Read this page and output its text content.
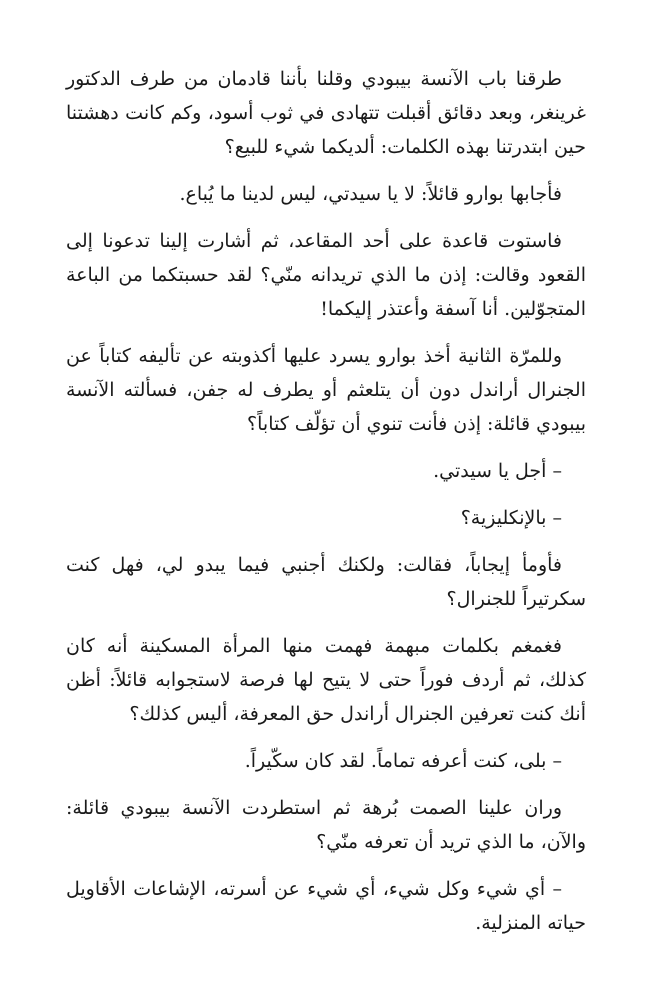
طرقنا باب الآنسة بيبودي وقلنا بأننا قادمان من طرف الدكتور غرينغر، وبعد دقائق أقبلت تتهادى في ثوب أسود، وكم كانت دهشتنا حين ابتدرتنا بهذه الكلمات: ألديكما شيء للبيع؟

فأجابها بوارو قائلاً: لا يا سيدتي، ليس لدينا ما يُباع.

فاستوت قاعدة على أحد المقاعد، ثم أشارت إلينا تدعونا إلى القعود وقالت: إذن ما الذي تريدانه منّي؟ لقد حسبتكما من الباعة المتجوّلين. أنا آسفة وأعتذر إليكما!

وللمرّة الثانية أخذ بوارو يسرد عليها أكذوبته عن تأليفه كتاباً عن الجنرال أراندل دون أن يتلعثم أو يطرف له جفن، فسألته الآنسة بيبودي قائلة: إذن فأنت تنوي أن تؤلّف كتاباً؟

– أجل يا سيدتي.

– بالإنكليزية؟

فأومأ إيجاباً، فقالت: ولكنك أجنبي فيما يبدو لي، فهل كنت سكرتيراً للجنرال؟

فغمغم بكلمات مبهمة فهمت منها المرأة المسكينة أنه كان كذلك، ثم أردف فوراً حتى لا يتيح لها فرصة لاستجوابه قائلاً: أظن أنك كنت تعرفين الجنرال أراندل حق المعرفة، أليس كذلك؟

– بلى، كنت أعرفه تماماً. لقد كان سكّيراً.

وران علينا الصمت بُرهة ثم استطردت الآنسة بيبودي قائلة: والآن، ما الذي تريد أن تعرفه منّي؟

– أي شيء وكل شيء، أي شيء عن أسرته، الإشاعات الأقاويل حياته المنزلية.
